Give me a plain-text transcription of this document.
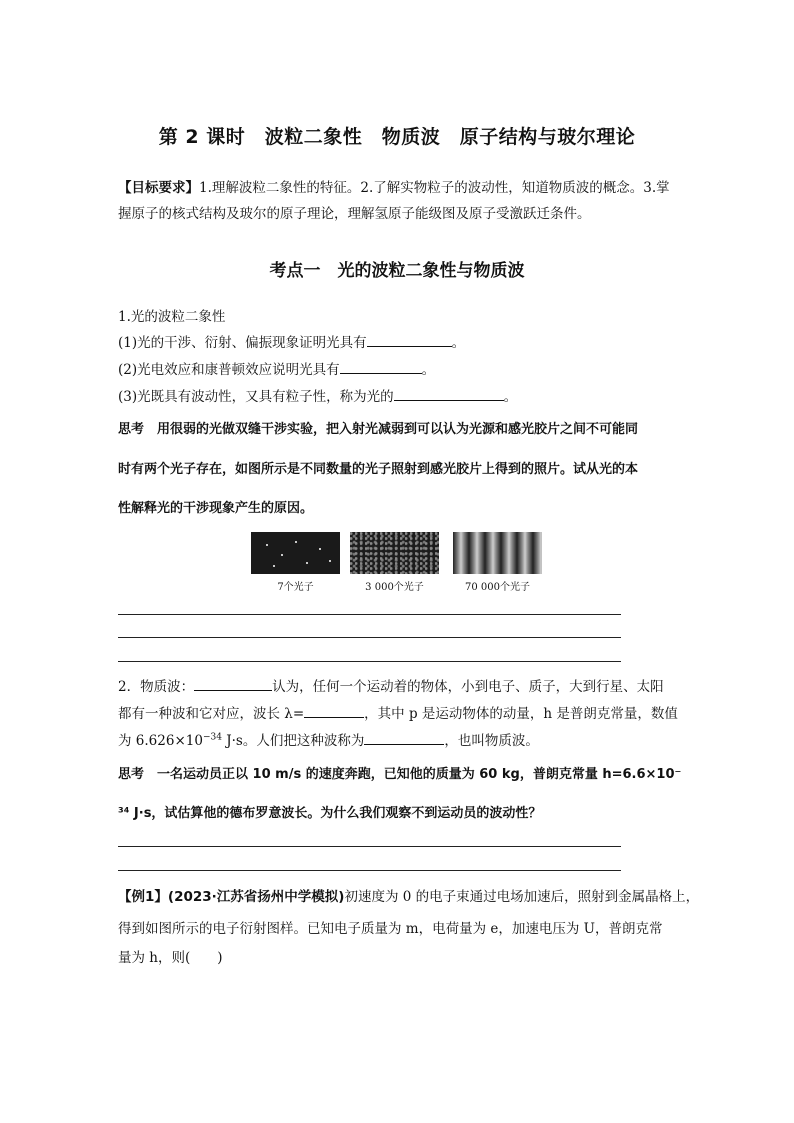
第 2 课时　波粒二象性　物质波　原子结构与玻尔理论
【目标要求】1.理解波粒二象性的特征。2.了解实物粒子的波动性，知道物质波的概念。3.掌
握原子的核式结构及玻尔的原子理论，理解氢原子能级图及原子受激跃迁条件。
考点一　光的波粒二象性与物质波
1.光的波粒二象性
(1)光的干涉、衍射、偏振现象证明光具有	。
(2)光电效应和康普顿效应说明光具有	。
(3)光既具有波动性，又具有粒子性，称为光的	。
思考　 用很弱的光做双缝干涉实验，把入射光减弱到可以认为光源和感光胶片之间不可能同
时有两个光子存在，如图所示是不同数量的光子照射到感光胶片上得到的照片。试从光的本
性解释光的干涉现象产生的原因。
7个光子	3 000个光子	70 000个光子
2．物质波：	认为，任何一个运动着的物体，小到电子、质子，大到行星、太阳
都有一种波和它对应，波长 λ=	，其中 p 是运动物体的动量，h 是普朗克常量，数值
为 $6.626\times 10^{-34}$ J·s。人们把这种波称为	，也叫物质波。
思考　 一名运动员正以 10 m/s 的速度奔跑，已知他的质量为 60 kg，普朗克常量 h=6.6×10⁻
³⁴ J·s，试估算他的德布罗意波长。为什么我们观察不到运动员的波动性？
【例1】(2023·江苏省扬州中学模拟)初速度为 0 的电子束通过电场加速后，照射到金属晶格上，
得到如图所示的电子衍射图样。已知电子质量为 m，电荷量为 e，加速电压为 U，普朗克常
量为 h，则(　　)
